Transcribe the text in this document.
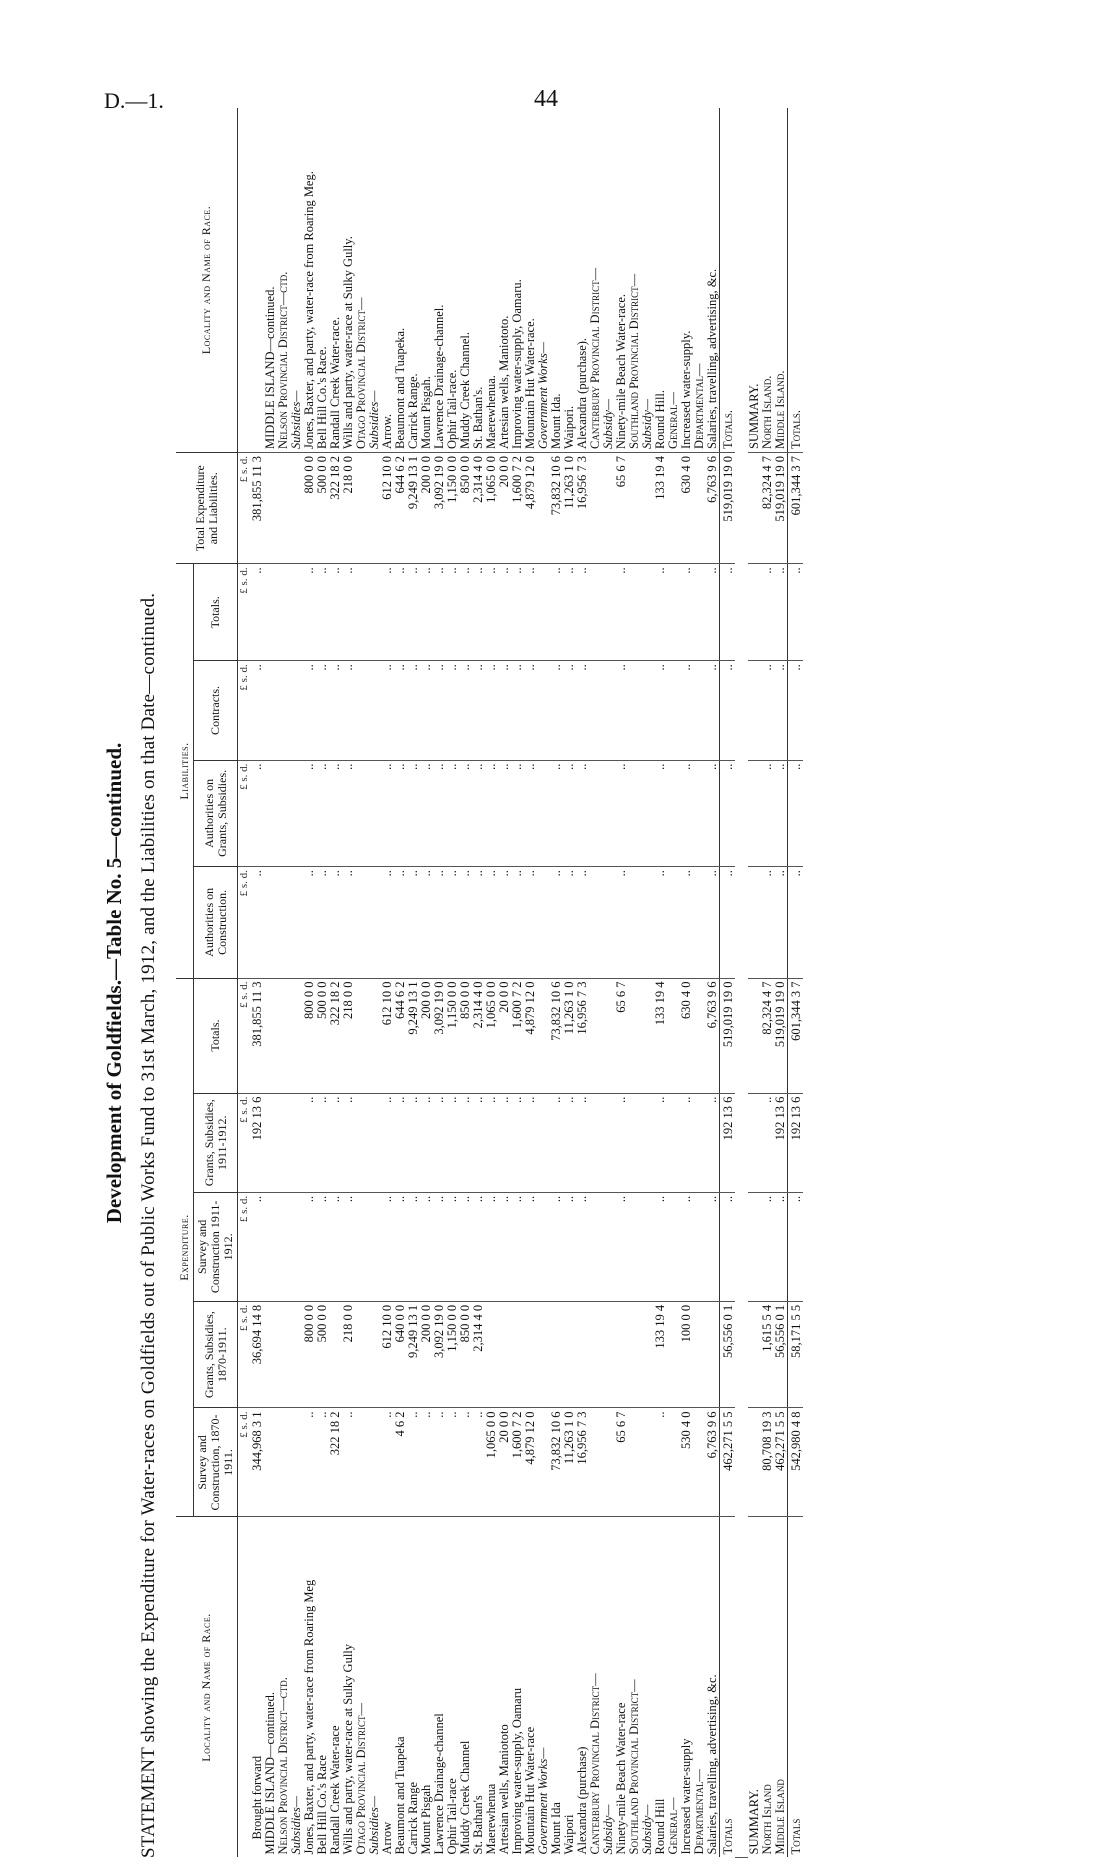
D.—1.	44
Development of Goldfields.—Table No. 5—continued. STATEMENT showing the Expenditure for Water-races on Goldfields out of Public Works Fund to 31st March, 1912, and the Liabilities on that Date—continued.	Locality and Name of Race.	Expenditure.					Liabilities.				Total Expenditure and Liabilities.	Locality and Name of Race.
	Survey and Construction, 1870-1911.	Grants, Subsidies, 1870-1911.	Survey and Construction 1911-1912.	Grants, Subsidies, 1911-1912.	Totals.	Authorities on Construction.	Authorities on Grants, Subsidies.	Contracts.	Totals.		
	£ s. d.	£ s. d.	£ s. d.	£ s. d.	£ s. d.	£ s. d.	£ s. d.	£ s. d.	£ s. d.	£ s. d.	
Brought forward	344,968 3 1	36,694 14 8	..	192 13 6	381,855 11 3	..	..	..	..	381,855 11 3	
MIDDLE ISLAND—continued.											MIDDLE ISLAND—continued.
Nelson Provincial District—ctd.											Nelson Provincial District—ctd.
Subsidies—											Subsidies—
Jones, Baxter, and party, water-race from Roaring Meg	..	800 0 0	..	..	800 0 0	..	..	..	..	800 0 0	Jones, Baxter, and party, water-race from Roaring Meg.
Bell Hill Co.'s Race	..	500 0 0	..	..	500 0 0	..	..	..	..	500 0 0	Bell Hill Co.'s Race.
Randall Creek Water-race	322 18 2		..	..	322 18 2	..	..	..	..	322 18 2	Randall Creek Water-race.
Wills and party, water-race at Sulky Gully	..	218 0 0	..	..	218 0 0	..	..	..	..	218 0 0	Wills and party, water-race at Sulky Gully.
Otago Provincial District—											Otago Provincial District—
Subsidies—											Subsidies—
Arrow	..	612 10 0	..	..	612 10 0	..	..	..	..	612 10 0	Arrow.
Beaumont and Tuapeka	4 6 2	640 0 0	..	..	644 6 2	..	..	..	..	644 6 2	Beaumont and Tuapeka.
Carrick Range	..	9,249 13 1	..	..	9,249 13 1	..	..	..	..	9,249 13 1	Carrick Range.
Mount Pisgah	..	200 0 0	..	..	200 0 0	..	..	..	..	200 0 0	Mount Pisgah.
Lawrence Drainage-channel	..	3,092 19 0	..	..	3,092 19 0	..	..	..	..	3,092 19 0	Lawrence Drainage-channel.
Ophir Tail-race	..	1,150 0 0	..	..	1,150 0 0	..	..	..	..	1,150 0 0	Ophir Tail-race.
Muddy Creek Channel	..	850 0 0	..	..	850 0 0	..	..	..	..	850 0 0	Muddy Creek Channel.
St. Bathan's	..	2,314 4 0	..	..	2,314 4 0	..	..	..	..	2,314 4 0	St. Bathan's.
Maerewhenua	1,065 0 0		..	..	1,065 0 0	..	..	..	..	1,065 0 0	Maerewhenua.
Artesian wells, Maniototo	20 0 0		..	..	20 0 0	..	..	..	..	20 0 0	Artesian wells, Maniototo.
Improving water-supply, Oamaru	1,600 7 2		..	..	1,600 7 2	..	..	..	..	1,600 7 2	Improving water-supply, Oamaru.
Mountain Hut Water-race	4,879 12 0		..	..	4,879 12 0	..	..	..	..	4,879 12 0	Mountain Hut Water-race.
Government Works—											Government Works—
Mount Ida	73,832 10 6		..	..	73,832 10 6	..	..	..	..	73,832 10 6	Mount Ida.
Waipori	11,263 1 0		..	..	11,263 1 0	..	..	..	..	11,263 1 0	Waipori.
Alexandra (purchase)	16,956 7 3		..	..	16,956 7 3	..	..	..	..	16,956 7 3	Alexandra (purchase).
Canterbury Provincial District—											Canterbury Provincial District—
Subsidy—											Subsidy—
Ninety-mile Beach Water-race	65 6 7		..	..	65 6 7	..	..	..	..	65 6 7	Ninety-mile Beach Water-race.
Southland Provincial District—											Southland Provincial District—
Subsidy—											Subsidy—
Round Hill	..	133 19 4	..	..	133 19 4	..	..	..	..	133 19 4	Round Hill.
General—											General—
Increased water-supply	530 4 0	100 0 0	..	..	630 4 0	..	..	..	..	630 4 0	Increased water-supply.
Departmental—											Departmental—
Salaries, travelling, advertising, &c.	6,763 9 6		..	..	6,763 9 6	..	..	..	..	6,763 9 6	Salaries, travelling, advertising, &c.
Totals	462,271 5 5	56,556 0 1	..	192 13 6	519,019 19 0	..	..	..	..	519,019 19 0	Totals.

SUMMARY.											SUMMARY.
North Island	80,708 19 3	1,615 5 4	..	..	82,324 4 7	..	..	..	..	82,324 4 7	North Island.
Middle Island	462,271 5 5	56,556 0 1	..	192 13 6	519,019 19 0	..	..	..	..	519,019 19 0	Middle Island.
Totals	542,980 4 8	58,171 5 5	..	192 13 6	601,344 3 7	..	..	..	..	601,344 3 7	Totals.
